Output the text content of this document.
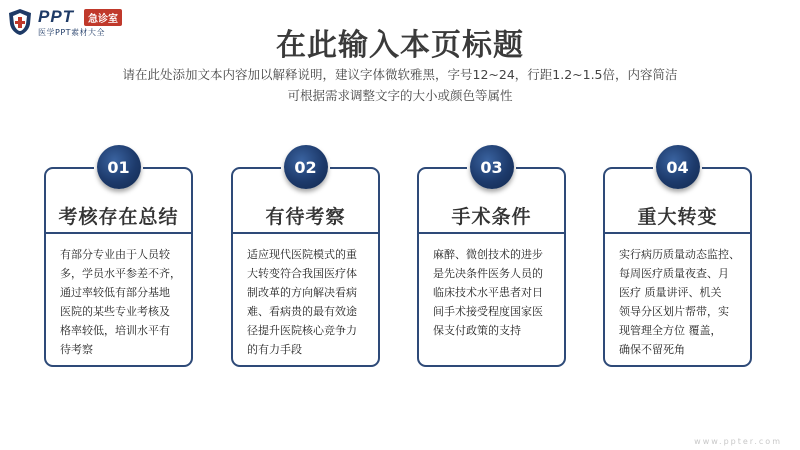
PPT	急诊室
医学PPT素材大全	在此输入本页标题
请在此处添加文本内容加以解释说明，建议字体微软雅黑，字号12~24，行距1.2~1.5倍，内容简洁
可根据需求调整文字的大小或颜色等属性
01
考核存在总结
有部分专业由于人员较
多，学员水平参差不齐，
通过率较低有部分基地
医院的某些专业考核及
格率较低，培训水平有
待考察
02
有待考察
适应现代医院模式的重
大转变符合我国医疗体
制改革的方向解决看病
难、看病贵的最有效途
径提升医院核心竞争力
的有力手段
03
手术条件
麻醉、微创技术的进步
是先决条件医务人员的
临床技术水平患者对日
间手术接受程度国家医
保支付政策的支持
04
重大转变
实行病历质量动态监控、
每周医疗质量夜查、月
医疗 质量讲评、机关
领导分区划片帮带，实
现管理全方位 覆盖，
确保不留死角
www.ppter.com
